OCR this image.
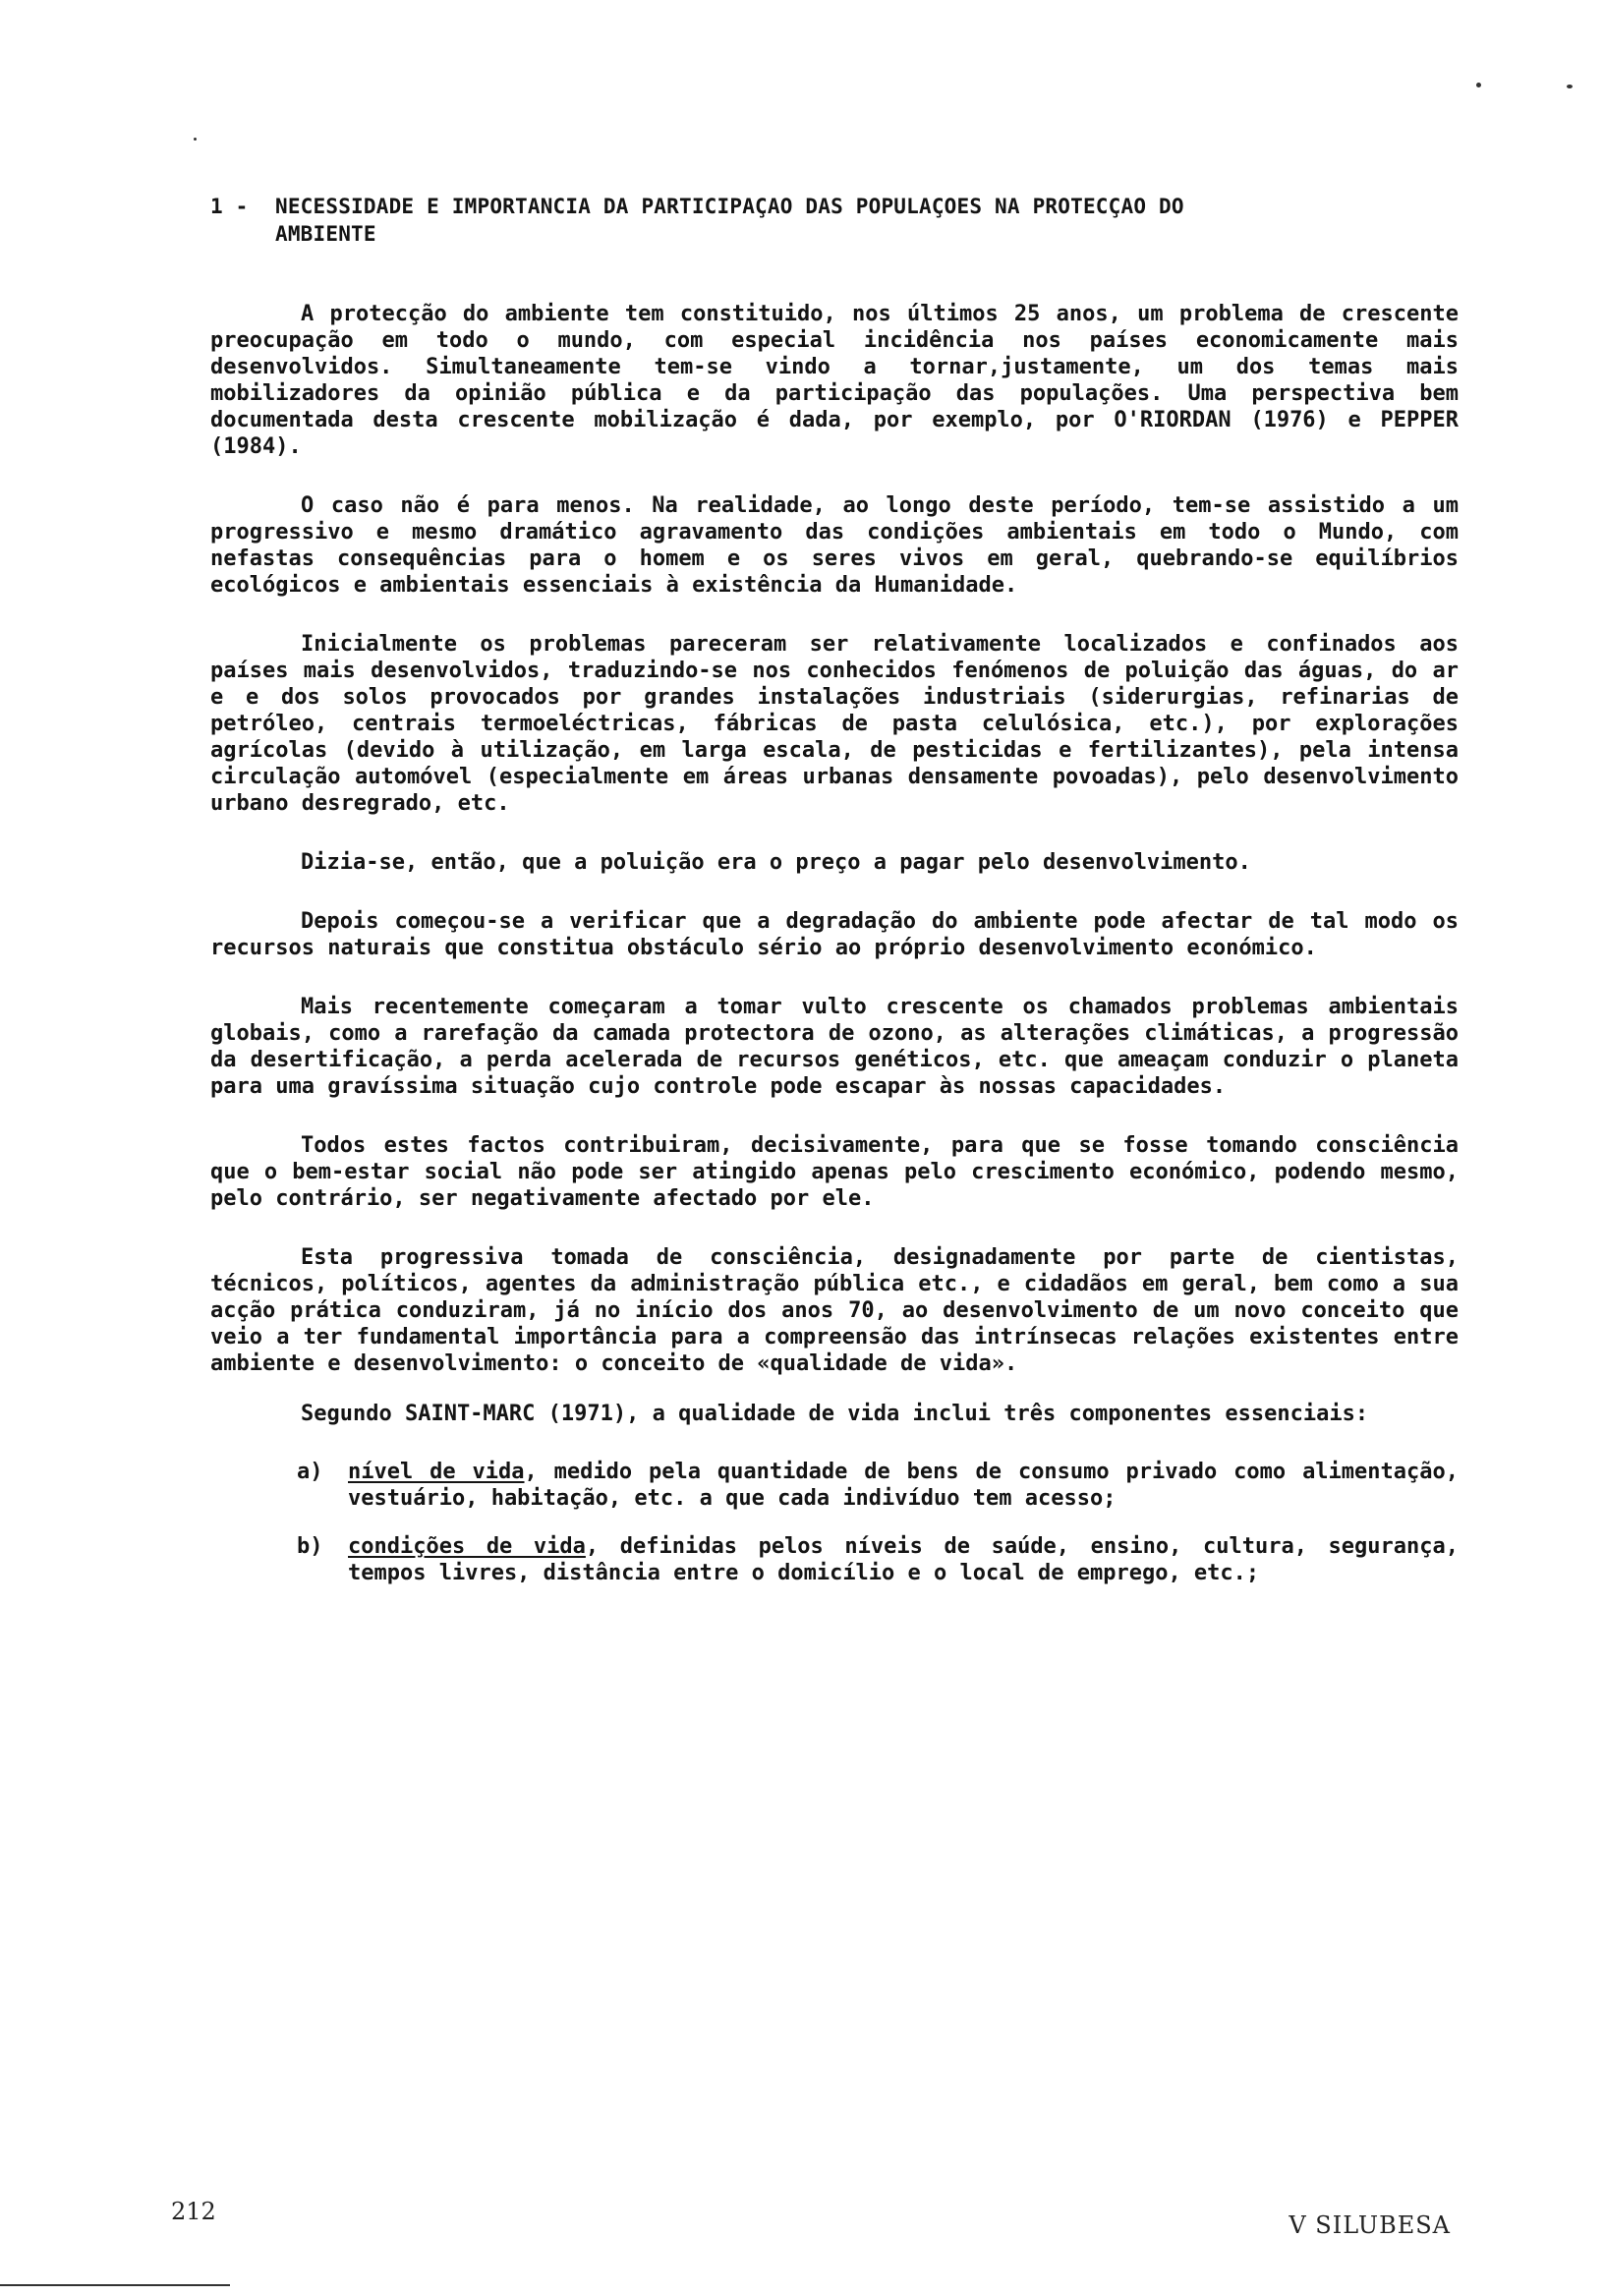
1 - NECESSIDADE E IMPORTANCIA DA PARTICIPAÇAO DAS POPULAÇOES NA PROTECÇAO DO
AMBIENTE

A protecção do ambiente tem constituido, nos últimos 25 anos, um problema de crescente preocupação em todo o mundo, com especial incidência nos países economicamente mais desenvolvidos. Simultaneamente tem-se vindo a tornar,justamente, um dos temas mais mobilizadores da opinião pública e da participação das populações. Uma perspectiva bem documentada desta crescente mobilização é dada, por exemplo, por O'RIORDAN (1976) e PEPPER (1984).

O caso não é para menos. Na realidade, ao longo deste período, tem-se assistido a um progressivo e mesmo dramático agravamento das condições ambientais em todo o Mundo, com nefastas consequências para o homem e os seres vivos em geral, quebrando-se equilíbrios ecológicos e ambientais essenciais à existência da Humanidade.

Inicialmente os problemas pareceram ser relativamente localizados e confinados aos países mais desenvolvidos, traduzindo-se nos conhecidos fenómenos de poluição das águas, do ar e e dos solos provocados por grandes instalações industriais (siderurgias, refinarias de petróleo, centrais termoeléctricas, fábricas de pasta celulósica, etc.), por explorações agrícolas (devido à utilização, em larga escala, de pesticidas e fertilizantes), pela intensa circulação automóvel (especialmente em áreas urbanas densamente povoadas), pelo desenvolvimento urbano desregrado, etc.

Dizia-se, então, que a poluição era o preço a pagar pelo desenvolvimento.

Depois começou-se a verificar que a degradação do ambiente pode afectar de tal modo os recursos naturais que constitua obstáculo sério ao próprio desenvolvimento económico.

Mais recentemente começaram a tomar vulto crescente os chamados problemas ambientais globais, como a rarefação da camada protectora de ozono, as alterações climáticas, a progressão da desertificação, a perda acelerada de recursos genéticos, etc. que ameaçam conduzir o planeta para uma gravíssima situação cujo controle pode escapar às nossas capacidades.

Todos estes factos contribuiram, decisivamente, para que se fosse tomando consciência que o bem-estar social não pode ser atingido apenas pelo crescimento económico, podendo mesmo, pelo contrário, ser negativamente afectado por ele.

Esta progressiva tomada de consciência, designadamente por parte de cientistas, técnicos, políticos, agentes da administração pública etc., e cidadãos em geral, bem como a sua acção prática conduziram, já no início dos anos 70, ao desenvolvimento de um novo conceito que veio a ter fundamental importância para a compreensão das intrínsecas relações existentes entre ambiente e desenvolvimento: o conceito de «qualidade de vida».

Segundo SAINT-MARC (1971), a qualidade de vida inclui três componentes essenciais:

a)	nível de vida, medido pela quantidade de bens de consumo privado como alimentação, vestuário, habitação, etc. a que cada indivíduo tem acesso;
b)	condições de vida, definidas pelos níveis de saúde, ensino, cultura, segurança, tempos livres, distância entre o domicílio e o local de emprego, etc.;
212	V SILUBESA
